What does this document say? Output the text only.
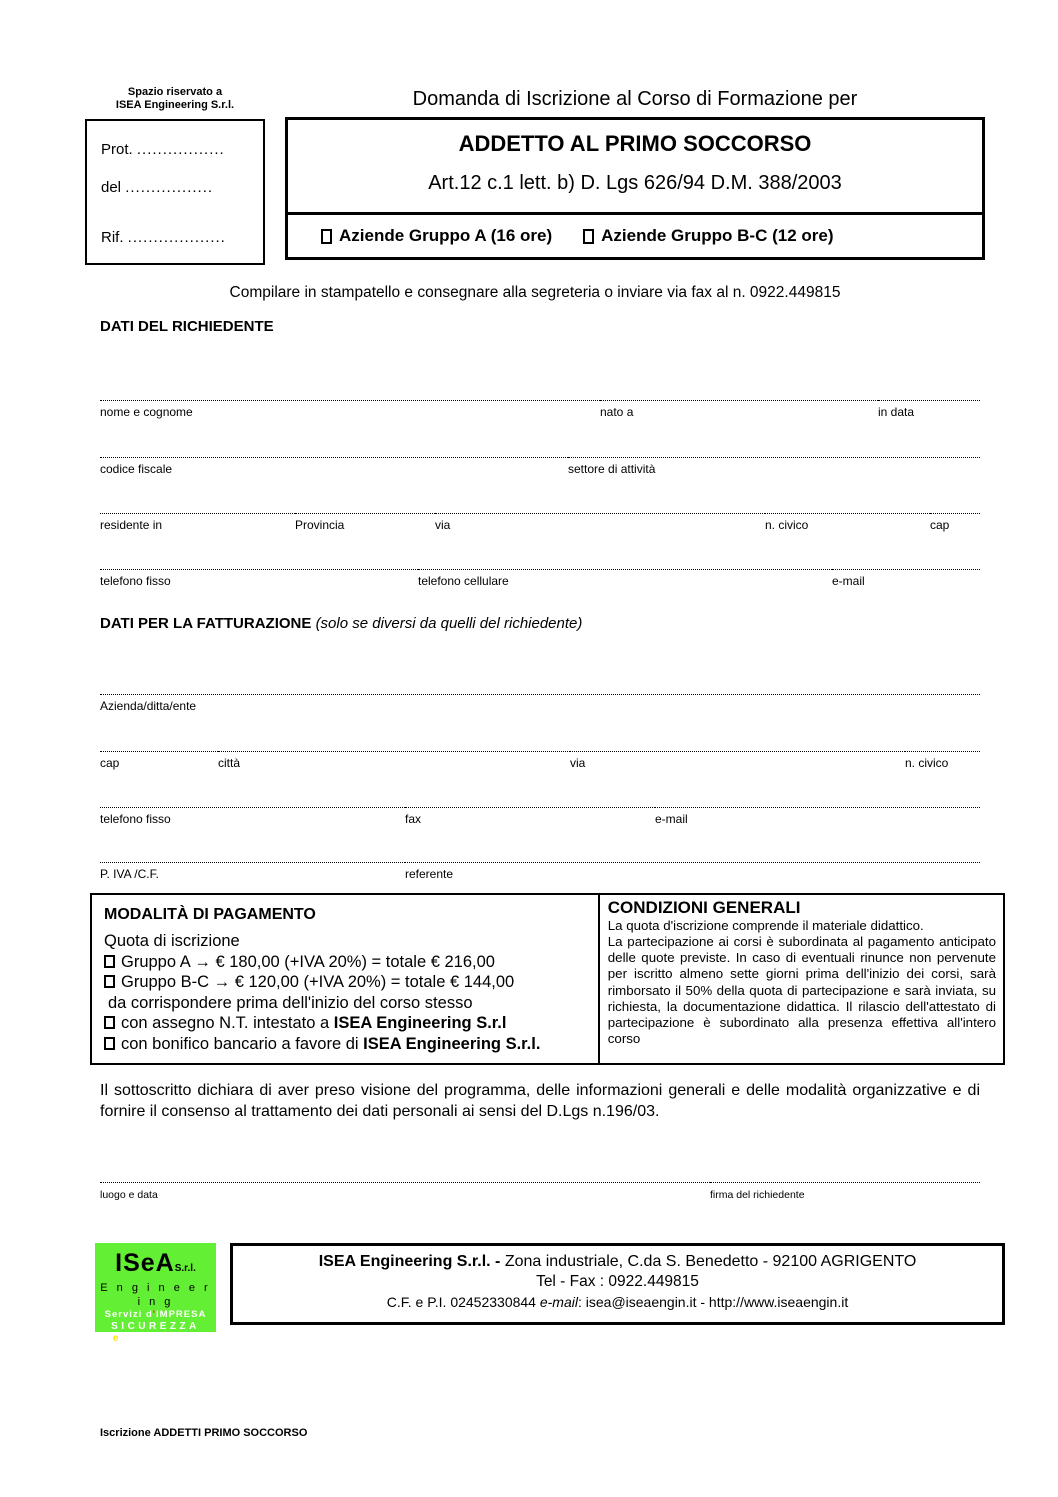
Spazio riservato a
ISEA Engineering S.r.l.
Prot. .................
del .................
Rif. ...................
Domanda di Iscrizione al Corso di Formazione per
ADDETTO AL PRIMO SOCCORSO
Art.12 c.1 lett. b) D. Lgs 626/94 D.M. 388/2003
Aziende Gruppo A (16 ore)	Aziende Gruppo B-C (12 ore)
Compilare in stampatello e consegnare alla segreteria o inviare via fax al n. 0922.449815
DATI DEL RICHIEDENTE
nome e cognome	nato a	in data
codice fiscale	settore di attività
residente in	Provincia	via	n. civico	cap
telefono fisso	telefono cellulare	e-mail
DATI PER LA FATTURAZIONE (solo se diversi da quelli del richiedente)
Azienda/ditta/ente
cap	città	via	n. civico
telefono fisso	fax	e-mail
P. IVA /C.F.	referente
MODALITÀ DI PAGAMENTO
Quota di iscrizione
Gruppo A → € 180,00 (+IVA 20%) = totale € 216,00
Gruppo B-C → € 120,00 (+IVA 20%) = totale € 144,00
da corrispondere prima dell'inizio del corso stesso
con assegno N.T. intestato a ISEA Engineering S.r.l
con bonifico bancario a favore di ISEA Engineering S.r.l.
CONDIZIONI GENERALI
La quota d'iscrizione comprende il materiale didattico.
La partecipazione ai corsi è subordinata al pagamento anticipato delle quote previste. In caso di eventuali rinunce non pervenute per iscritto almeno sette giorni prima dell'inizio dei corsi, sarà rimborsato il 50% della quota di partecipazione e sarà inviata, su richiesta, la documentazione didattica. Il rilascio dell'attestato di partecipazione è subordinato alla presenza effettiva all'intero corso
Il sottoscritto dichiara di aver preso visione del programma, delle informazioni generali e delle modalità organizzative e di fornire il consenso al trattamento dei dati personali ai sensi del D.Lgs n.196/03.
luogo e data	firma del richiedente
ISeAS.r.l.
E n g i n e e r i n g
Servizi d'IMPRESA
SICUREZZA
e AMBIENTE
ISEA Engineering S.r.l. - Zona industriale, C.da S. Benedetto - 92100 AGRIGENTO
Tel - Fax : 0922.449815
C.F. e P.I. 02452330844 e-mail: isea@iseaengin.it - http://www.iseaengin.it
Iscrizione ADDETTI PRIMO SOCCORSO
